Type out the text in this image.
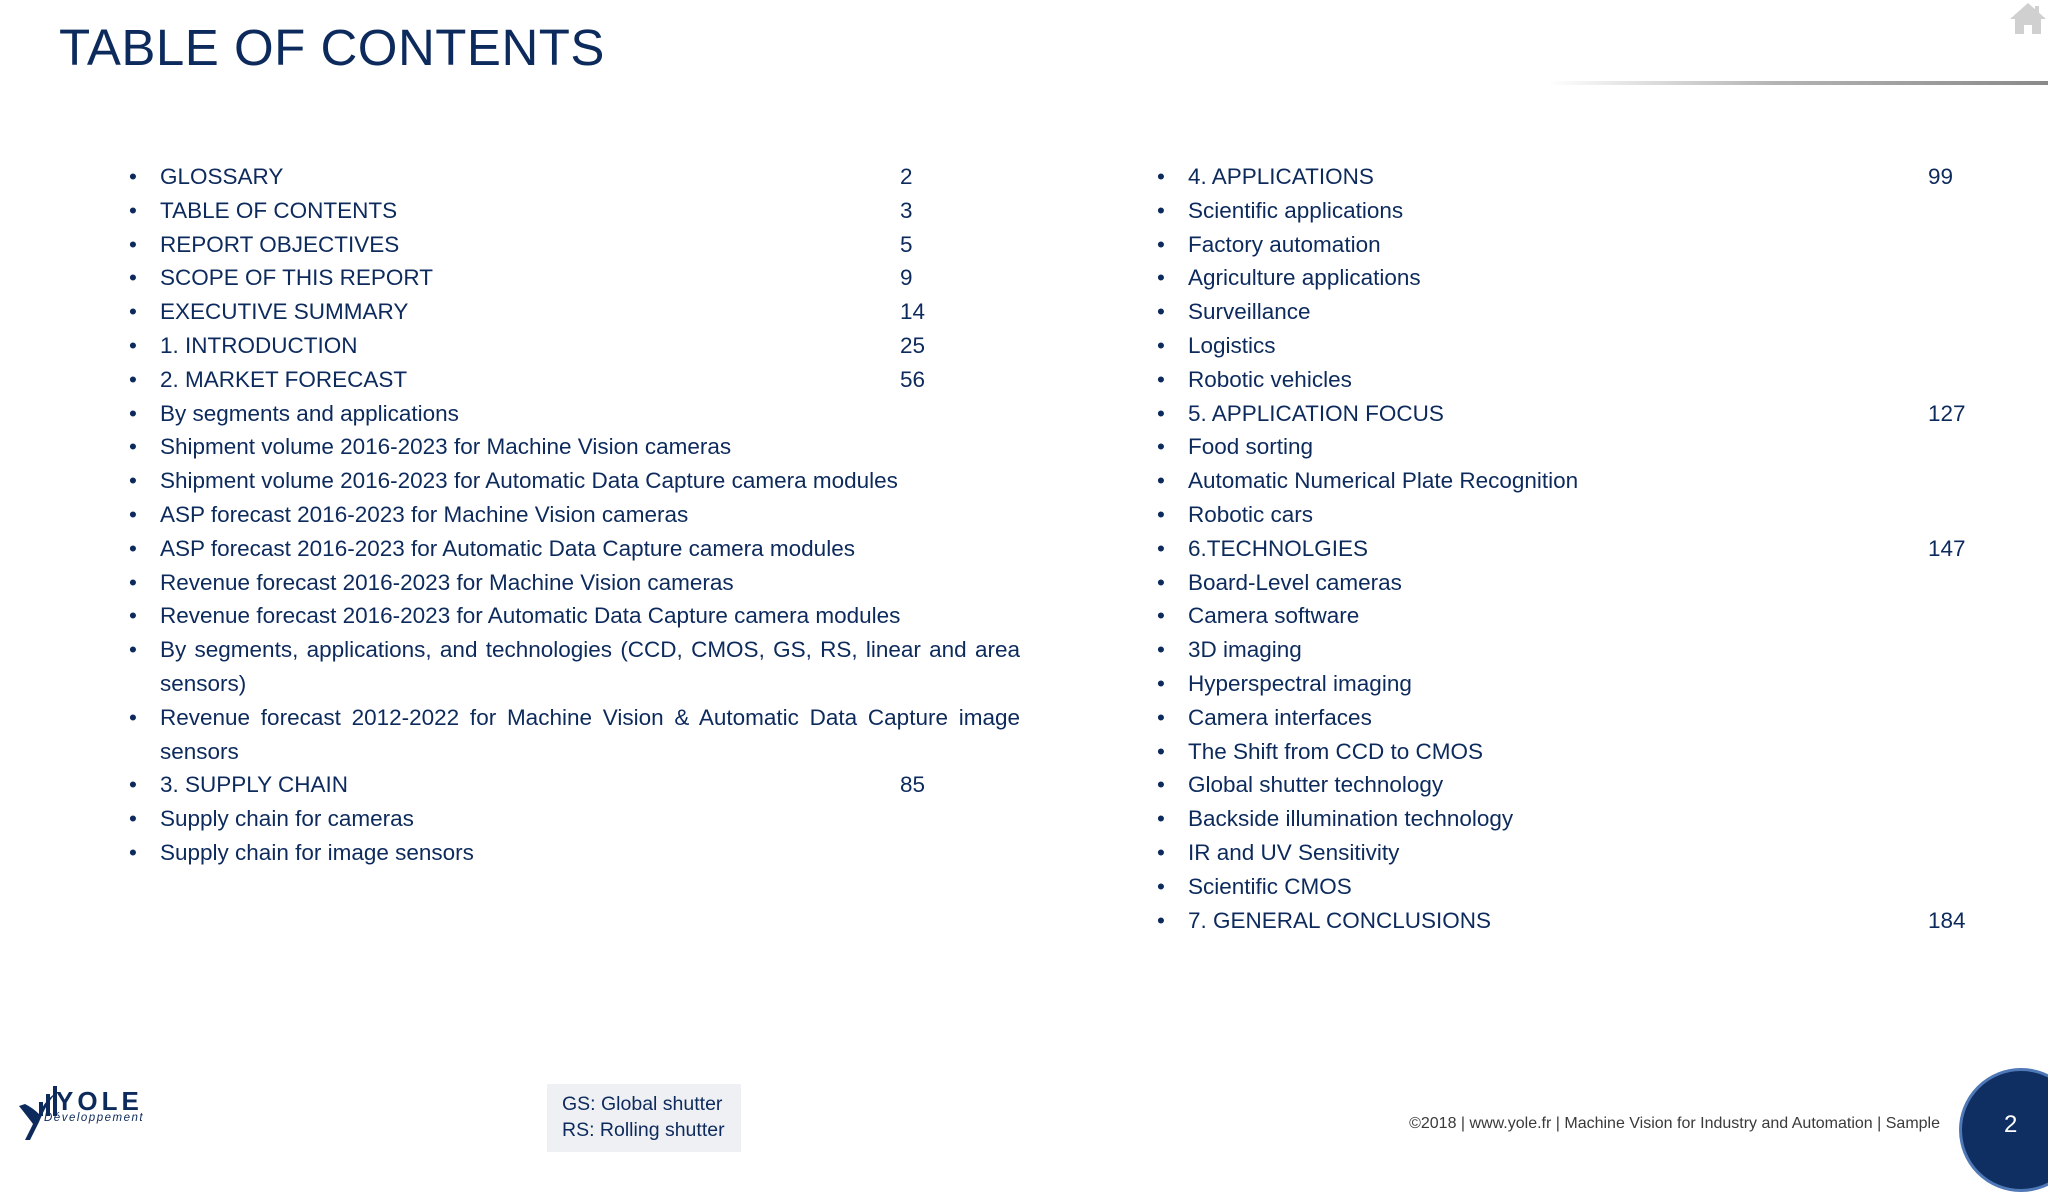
TABLE OF CONTENTS
• GLOSSARY	2
• TABLE OF CONTENTS	3
• REPORT OBJECTIVES	5
• SCOPE OF THIS REPORT	9
• EXECUTIVE SUMMARY	14
• 1. INTRODUCTION	25
• 2. MARKET FORECAST	56
• By segments and applications
• Shipment volume 2016-2023 for Machine Vision cameras
• Shipment volume 2016-2023 for Automatic Data Capture camera modules
• ASP forecast 2016-2023 for Machine Vision cameras
• ASP forecast 2016-2023 for Automatic Data Capture camera modules
• Revenue forecast 2016-2023 for Machine Vision cameras
• Revenue forecast 2016-2023 for Automatic Data Capture camera modules
• By segments, applications, and technologies (CCD, CMOS, GS, RS, linear and area sensors)
• Revenue forecast 2012-2022 for Machine Vision & Automatic Data Capture image sensors
• 3. SUPPLY CHAIN	85
• Supply chain for cameras
• Supply chain for image sensors
• 4. APPLICATIONS	99
• Scientific applications
• Factory automation
• Agriculture applications
• Surveillance
• Logistics
• Robotic vehicles
• 5. APPLICATION FOCUS	127
• Food sorting
• Automatic Numerical Plate Recognition
• Robotic cars
• 6.TECHNOLGIES	147
• Board-Level cameras
• Camera software
• 3D imaging
• Hyperspectral imaging
• Camera interfaces
• The Shift from CCD to CMOS
• Global shutter technology
• Backside illumination technology
• IR and UV Sensitivity
• Scientific CMOS
• 7. GENERAL CONCLUSIONS	184
YOLE
Développement
GS: Global shutter
RS: Rolling shutter	©2018 | www.yole.fr | Machine Vision for Industry and Automation | Sample	2
